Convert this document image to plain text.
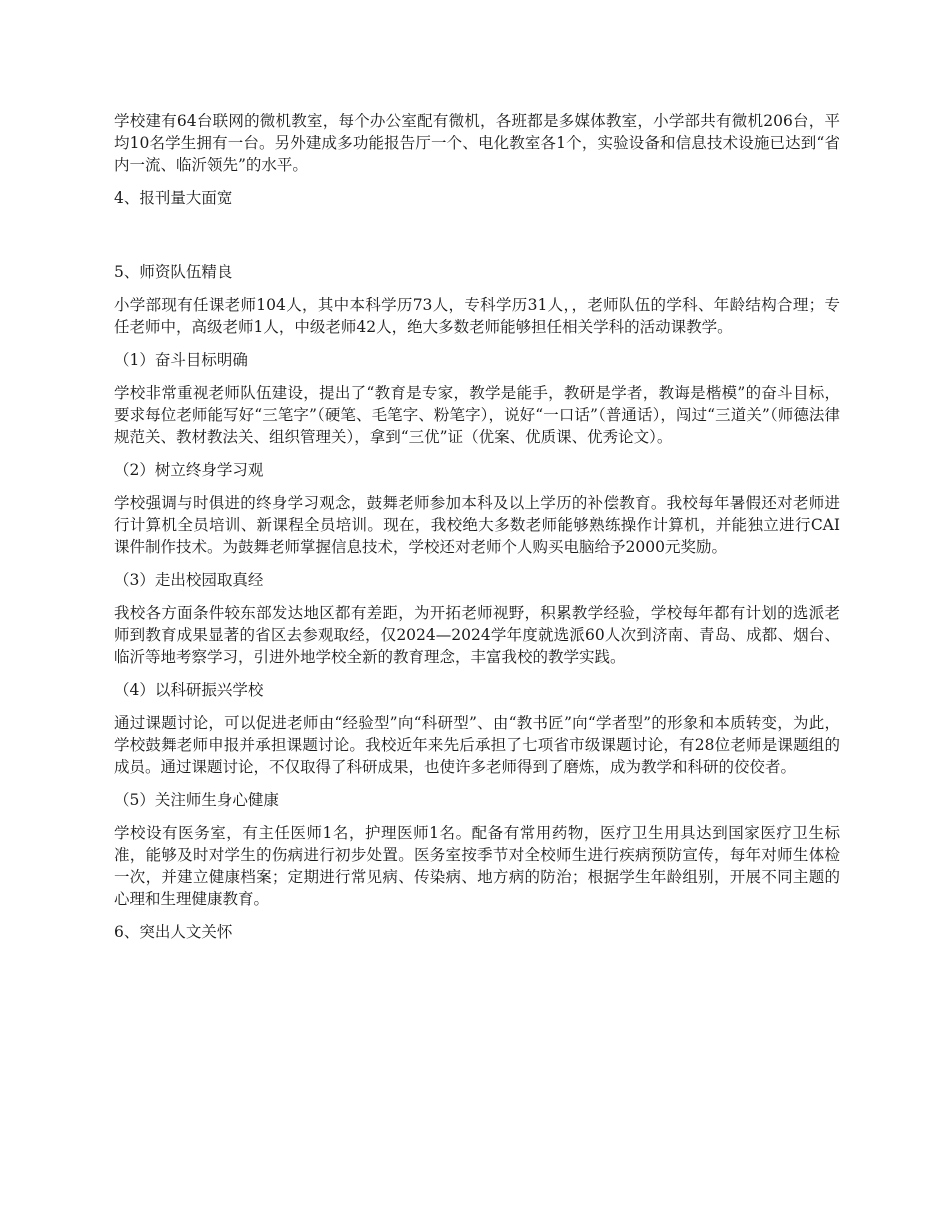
学校建有64台联网的微机教室，每个办公室配有微机，各班都是多媒体教室，小学部共有微机206台，平均10名学生拥有一台。另外建成多功能报告厅一个、电化教室各1个，实验设备和信息技术设施已达到“省内一流、临沂领先”的水平。

4、报刊量大面宽

5、师资队伍精良

小学部现有任课老师104人，其中本科学历73人，专科学历31人，，老师队伍的学科、年龄结构合理；专任老师中，高级老师1人，中级老师42人，绝大多数老师能够担任相关学科的活动课教学。

（1）奋斗目标明确

学校非常重视老师队伍建设，提出了“教育是专家，教学是能手，教研是学者，教诲是楷模”的奋斗目标，要求每位老师能写好“三笔字”（硬笔、毛笔字、粉笔字），说好“一口话”（普通话），闯过“三道关”（师德法律规范关、教材教法关、组织管理关），拿到“三优”证（优案、优质课、优秀论文）。

（2）树立终身学习观

学校强调与时俱进的终身学习观念，鼓舞老师参加本科及以上学历的补偿教育。我校每年暑假还对老师进行计算机全员培训、新课程全员培训。现在，我校绝大多数老师能够熟练操作计算机，并能独立进行CAI课件制作技术。为鼓舞老师掌握信息技术，学校还对老师个人购买电脑给予2000元奖励。

（3）走出校园取真经

我校各方面条件较东部发达地区都有差距，为开拓老师视野，积累教学经验，学校每年都有计划的选派老师到教育成果显著的省区去参观取经，仅2024—2024学年度就选派60人次到济南、青岛、成都、烟台、临沂等地考察学习，引进外地学校全新的教育理念，丰富我校的教学实践。

（4）以科研振兴学校

通过课题讨论，可以促进老师由“经验型”向“科研型”、由“教书匠”向“学者型”的形象和本质转变，为此，学校鼓舞老师申报并承担课题讨论。我校近年来先后承担了七项省市级课题讨论，有28位老师是课题组的成员。通过课题讨论，不仅取得了科研成果，也使许多老师得到了磨炼，成为教学和科研的佼佼者。

（5）关注师生身心健康

学校设有医务室，有主任医师1名，护理医师1名。配备有常用药物，医疗卫生用具达到国家医疗卫生标准，能够及时对学生的伤病进行初步处置。医务室按季节对全校师生进行疾病预防宣传，每年对师生体检一次，并建立健康档案；定期进行常见病、传染病、地方病的防治；根据学生年龄组别，开展不同主题的心理和生理健康教育。

6、突出人文关怀
